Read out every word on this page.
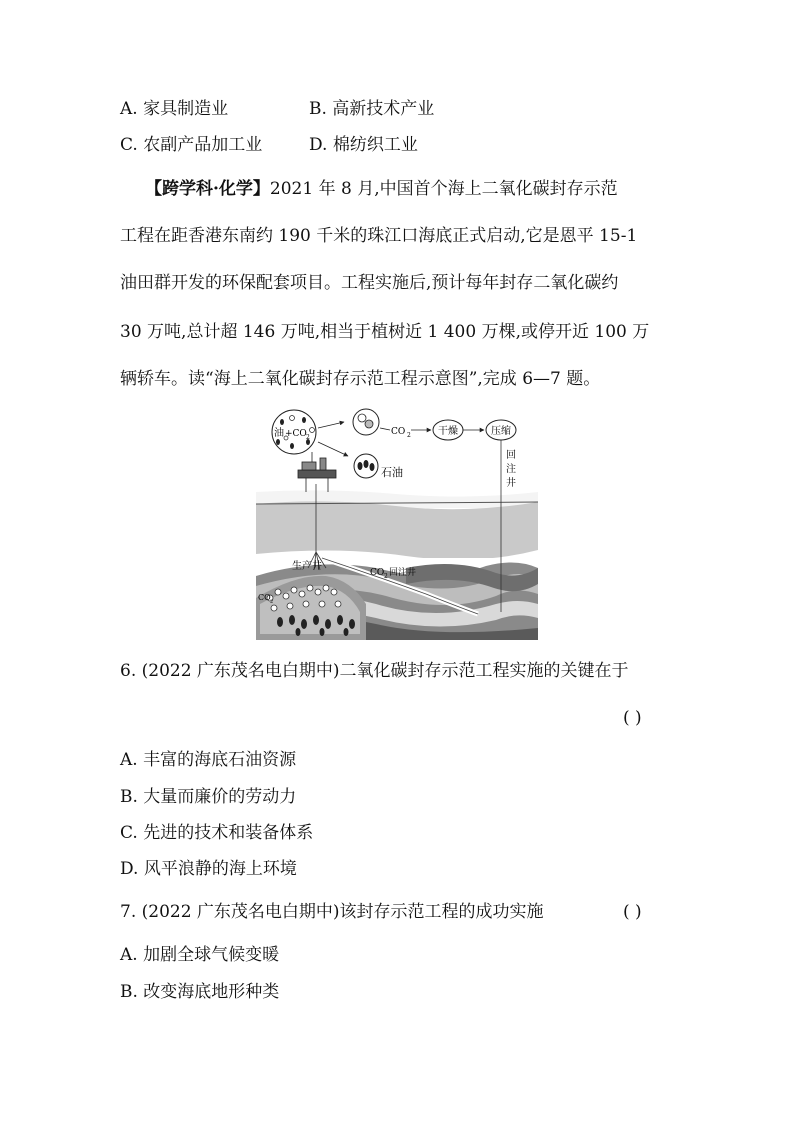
A. 家具制造业	B. 高新技术产业
C. 农副产品加工业	D. 棉纺织工业
【跨学科·化学】2021 年 8 月,中国首个海上二氧化碳封存示范
工程在距香港东南约 190 千米的珠江口海底正式启动,它是恩平 15-1
油田群开发的环保配套项目。工程实施后,预计每年封存二氧化碳约
30 万吨,总计超 146 万吨,相当于植树近 1 400 万棵,或停开近 100 万
辆轿车。读“海上二氧化碳封存示范工程示意图”,完成 6—7 题。
油 +CO 2
CO 2	干燥	压缩
石油
回
注
井
生产井
CO 2 回注井
CO 2
6. (2022 广东茂名电白期中)二氧化碳封存示范工程实施的关键在于
( )
A. 丰富的海底石油资源
B. 大量而廉价的劳动力
C. 先进的技术和装备体系
D. 风平浪静的海上环境
7. (2022 广东茂名电白期中)该封存示范工程的成功实施	( )
A. 加剧全球气候变暖
B. 改变海底地形种类
